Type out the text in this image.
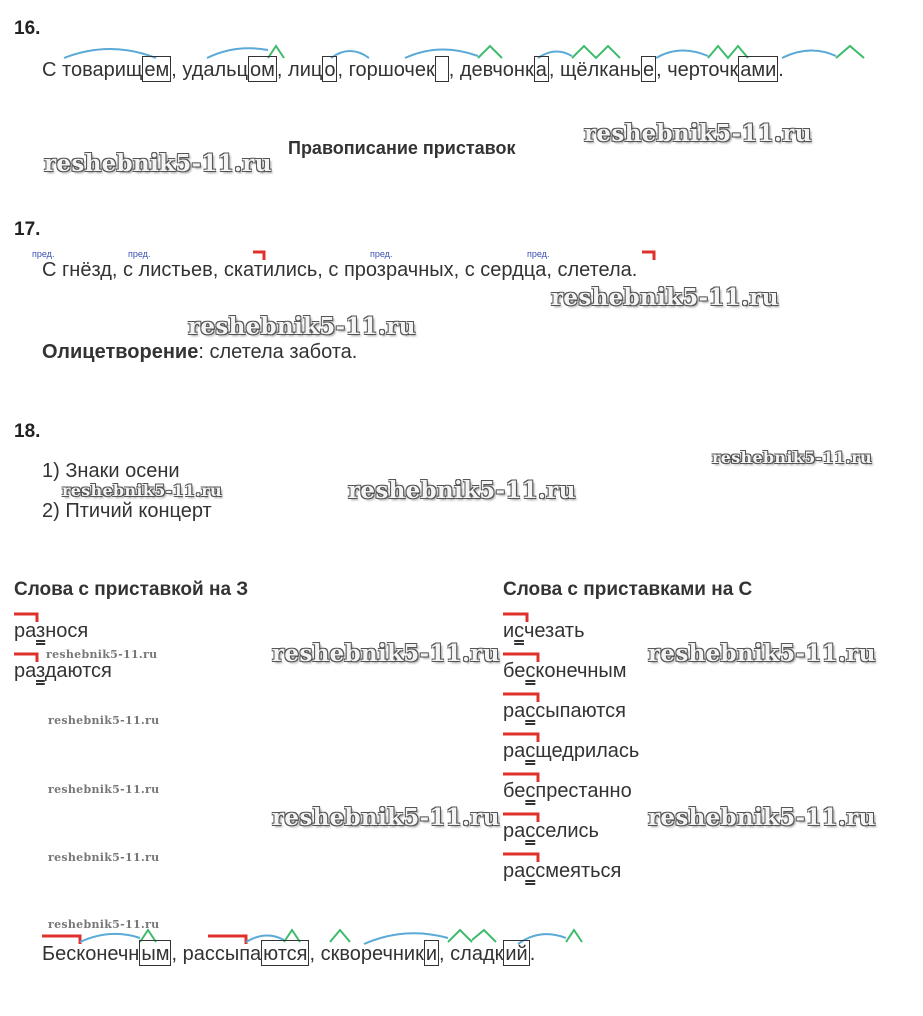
16.
С товарищ ем , удальц ом , лиц о , горшочек , девчонк а , щёлкань е , черточк ами .
reshebnik5-11.ru
reshebnik5-11.ru
Правописание приставок
17.
пред.	пред.	пред.	пред.
С гнёзд, с листьев, скатились, с прозрачных, с сердца, слетела.
reshebnik5-11.ru
reshebnik5-11.ru
Олицетворение: слетела забота.
18.
reshebnik5-11.ru
1) Знаки осени
reshebnik5-11.ru	reshebnik5-11.ru
2) Птичий концерт
Слова с приставкой на З	Слова с приставками на С
разнося
reshebnik5-11.ru
раздаются
reshebnik5-11.ru	reshebnik5-11.ru
reshebnik5-11.ru
reshebnik5-11.ru
reshebnik5-11.ru
reshebnik5-11.ru	reshebnik5-11.ru
исчезать
бесконечным
рассыпаются
расщедрилась
беспрестанно
расселись
рассмеяться
reshebnik5-11.ru
Бесконечн ым , рассыпа ются , скворечник и , сладк ий .
